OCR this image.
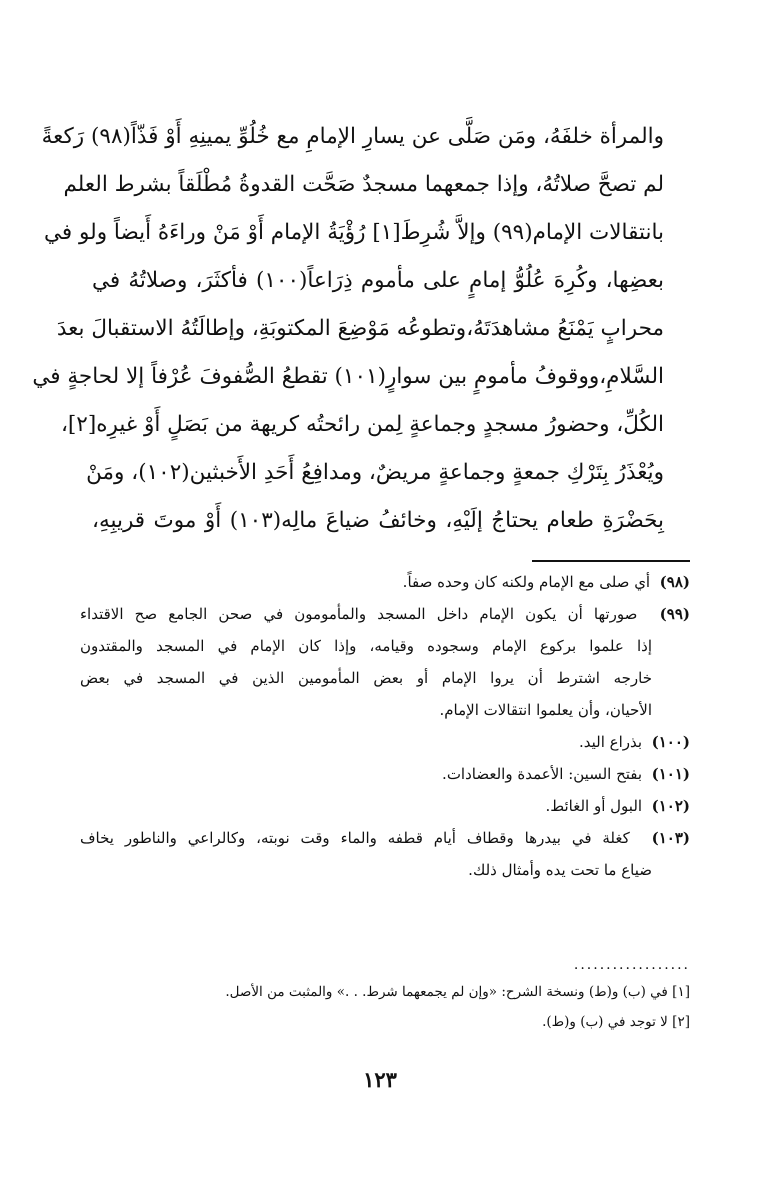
والمرأة خلفَهُ، ومَن صَلَّى عن يسارِ الإمامِ مع خُلُوِّ يمينِهِ أَوْ فَذّاً(٩٨) رَكعةً
لم تصحَّ صلاتُهُ، وإذا جمعهما مسجدٌ صَحَّت القدوةُ مُطْلَقاً بشرط العلم
بانتقالات الإمام(٩٩) وإلاَّ شُرِطَ[١] رُؤْيَةُ الإمام أَوْ مَنْ وراءَهُ أَيضاً ولو في
بعضِها، وكُرِهَ عُلُوُّ إمامٍ على مأموم ذِرَاعاً(١٠٠) فأكثَرَ، وصلاتُهُ في
محرابٍ يَمْنَعُ مشاهدَتَهُ،وتطوعُه مَوْضِعَ المكتوبَةِ، وإطالَتُهُ الاستقبالَ بعدَ
السَّلامِ،ووقوفُ مأمومٍ بين سوارٍ(١٠١) تقطعُ الصُّفوفَ عُرْفاً إلا لحاجةٍ في
الكُلِّ، وحضورُ مسجدٍ وجماعةٍ لِمن رائحتُه كريهة من بَصَلٍ أَوْ غيرِه[٢]،
ويُعْذَرُ بِتَرْكِ جمعةٍ وجماعةٍ مريضٌ، ومدافِعُ أَحَدِ الأَخبثين(١٠٢)، ومَنْ
بِحَضْرَةِ طعام يحتاجُ إلَيْهِ، وخائفُ ضياعَ مالِه(١٠٣) أَوْ موتَ قريبِهِ،
(٩٨)  أي صلى مع الإمام ولكنه كان وحده صفاً.
(٩٩)  صورتها أن يكون الإمام داخل المسجد والمأمومون في صحن الجامع صح الاقتداء
إذا علموا بركوع الإمام وسجوده وقيامه، وإذا كان الإمام في المسجد والمقتدون
خارجه اشترط أن يروا الإمام أو بعض المأمومين الذين في المسجد في بعض
الأحيان، وأن يعلموا انتقالات الإمام.
(١٠٠)  بذراع اليد.
(١٠١)  بفتح السين: الأعمدة والعضادات.
(١٠٢)  البول أو الغائط.
(١٠٣)  كغلة في بيدرها وقطاف أيام قطفه والماء وقت نوبته، وكالراعي والناطور يخاف
ضياع ما تحت يده وأمثال ذلك.
..................
[١] في (ب) و(ط) ونسخة الشرح: «وإن لم يجمعهما شرط. . .» والمثبت من الأصل.
[٢] لا توجد في (ب) و(ط).
١٢٣
